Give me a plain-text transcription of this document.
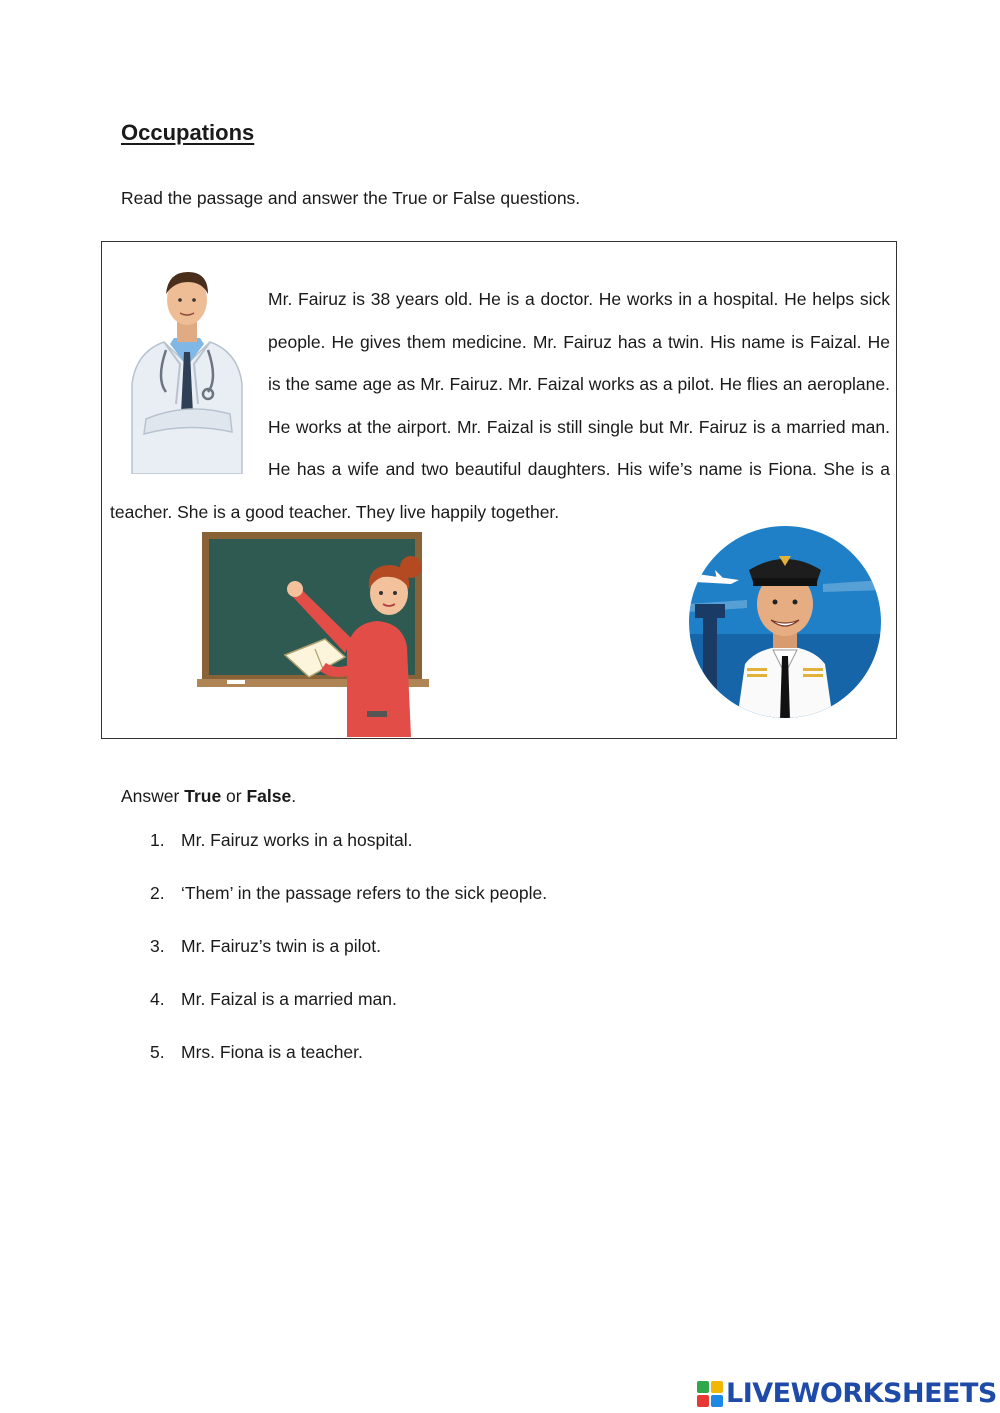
Occupations
Read the passage and answer the True or False questions.

Mr. Fairuz is 38 years old. He is a doctor. He works in a hospital. He helps sick people. He gives them medicine. Mr. Fairuz has a twin. His name is Faizal. He is the same age as Mr. Fairuz. Mr. Faizal works as a pilot. He flies an aeroplane. He works at the airport. Mr. Faizal is still single but Mr. Fairuz is a married man. He has a wife and two beautiful daughters. His wife’s name is Fiona. She is a teacher. She is a good teacher. They live happily together.

Answer True or False.
1. Mr. Fairuz works in a hospital.
2. ‘Them’ in the passage refers to the sick people.
3. Mr. Fairuz’s twin is a pilot.
4. Mr. Faizal is a married man.
5. Mrs. Fiona is a teacher.
LIVEWORKSHEETS
